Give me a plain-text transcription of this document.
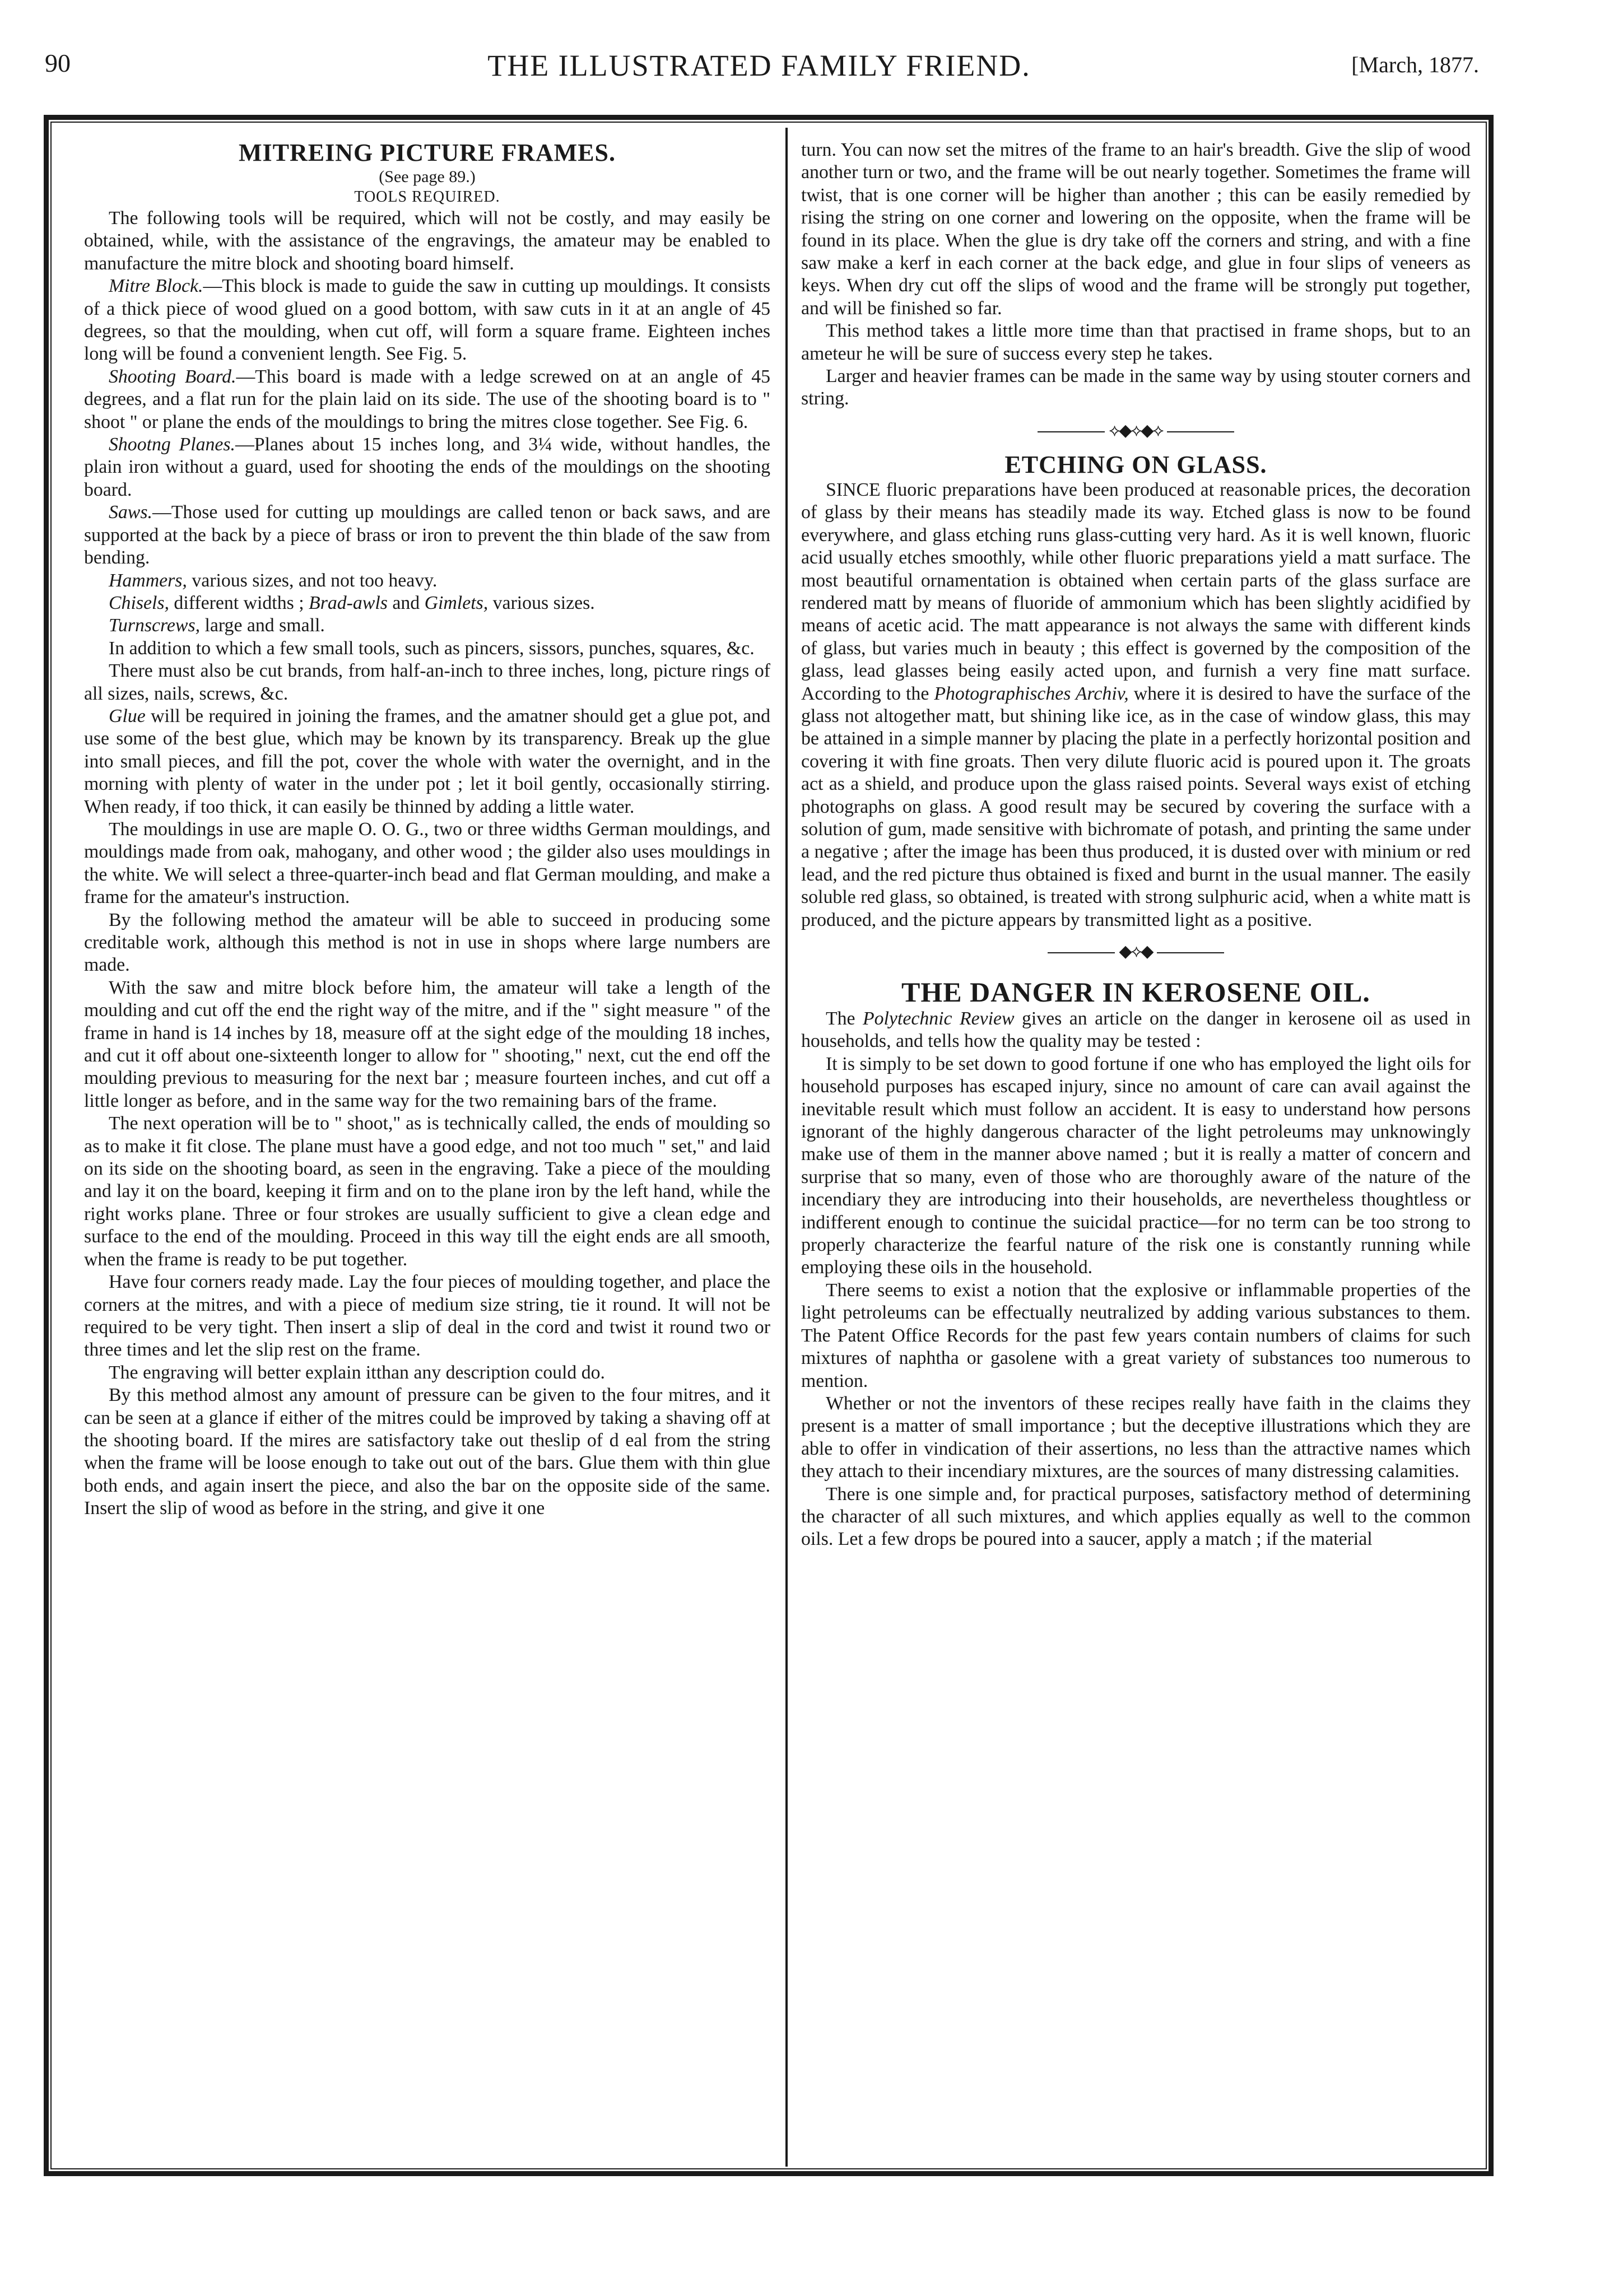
90	THE ILLUSTRATED FAMILY FRIEND.	[March, 1877.
MITREING PICTURE FRAMES.
(See page 89.)
TOOLS REQUIRED.

The following tools will be required, which will not be costly, and may easily be obtained, while, with the assistance of the engravings, the amateur may be enabled to manufacture the mitre block and shooting board himself.

Mitre Block.—This block is made to guide the saw in cutting up mouldings. It consists of a thick piece of wood glued on a good bottom, with saw cuts in it at an angle of 45 degrees, so that the moulding, when cut off, will form a square frame. Eighteen inches long will be found a convenient length. See Fig. 5.

Shooting Board.—This board is made with a ledge screwed on at an angle of 45 degrees, and a flat run for the plain laid on its side. The use of the shooting board is to " shoot " or plane the ends of the mouldings to bring the mitres close together. See Fig. 6.

Shootng Planes.—Planes about 15 inches long, and 3¼ wide, without handles, the plain iron without a guard, used for shooting the ends of the mouldings on the shooting board.

Saws.—Those used for cutting up mouldings are called tenon or back saws, and are supported at the back by a piece of brass or iron to prevent the thin blade of the saw from bending.

Hammers, various sizes, and not too heavy.

Chisels, different widths ; Brad-awls and Gimlets, various sizes.

Turnscrews, large and small.

In addition to which a few small tools, such as pincers, sissors, punches, squares, &c.

There must also be cut brands, from half-an-inch to three inches, long, picture rings of all sizes, nails, screws, &c.

Glue will be required in joining the frames, and the amatner should get a glue pot, and use some of the best glue, which may be known by its transparency. Break up the glue into small pieces, and fill the pot, cover the whole with water the overnight, and in the morning with plenty of water in the under pot ; let it boil gently, occasionally stirring. When ready, if too thick, it can easily be thinned by adding a little water.

The mouldings in use are maple O. O. G., two or three widths German mouldings, and mouldings made from oak, mahogany, and other wood ; the gilder also uses mouldings in the white. We will select a three-quarter-inch bead and flat German moulding, and make a frame for the amateur's instruction.

By the following method the amateur will be able to succeed in producing some creditable work, although this method is not in use in shops where large numbers are made.

With the saw and mitre block before him, the amateur will take a length of the moulding and cut off the end the right way of the mitre, and if the " sight measure " of the frame in hand is 14 inches by 18, measure off at the sight edge of the moulding 18 inches, and cut it off about one-sixteenth longer to allow for " shooting," next, cut the end off the moulding previous to measuring for the next bar ; measure fourteen inches, and cut off a little longer as before, and in the same way for the two remaining bars of the frame.

The next operation will be to " shoot," as is technically called, the ends of moulding so as to make it fit close. The plane must have a good edge, and not too much " set," and laid on its side on the shooting board, as seen in the engraving. Take a piece of the moulding and lay it on the board, keeping it firm and on to the plane iron by the left hand, while the right works plane. Three or four strokes are usually sufficient to give a clean edge and surface to the end of the moulding. Proceed in this way till the eight ends are all smooth, when the frame is ready to be put together.

Have four corners ready made. Lay the four pieces of moulding together, and place the corners at the mitres, and with a piece of medium size string, tie it round. It will not be required to be very tight. Then insert a slip of deal in the cord and twist it round two or three times and let the slip rest on the frame.

The engraving will better explain itthan any description could do.

By this method almost any amount of pressure can be given to the four mitres, and it can be seen at a glance if either of the mitres could be improved by taking a shaving off at the shooting board. If the mires are satisfactory take out theslip of d eal from the string when the frame will be loose enough to take out out of the bars. Glue them with thin glue both ends, and again insert the piece, and also the bar on the opposite side of the same. Insert the slip of wood as before in the string, and give it one

turn. You can now set the mitres of the frame to an hair's breadth. Give the slip of wood another turn or two, and the frame will be out nearly together. Sometimes the frame will twist, that is one corner will be higher than another ; this can be easily remedied by rising the string on one corner and lowering on the opposite, when the frame will be found in its place. When the glue is dry take off the corners and string, and with a fine saw make a kerf in each corner at the back edge, and glue in four slips of veneers as keys. When dry cut off the slips of wood and the frame will be strongly put together, and will be finished so far.

This method takes a little more time than that practised in frame shops, but to an ameteur he will be sure of success every step he takes.

Larger and heavier frames can be made in the same way by using stouter corners and string.

⟡◆⟡◆⟡
ETCHING ON GLASS.

SINCE fluoric preparations have been produced at reasonable prices, the decoration of glass by their means has steadily made its way. Etched glass is now to be found everywhere, and glass etching runs glass-cutting very hard. As it is well known, fluoric acid usually etches smoothly, while other fluoric preparations yield a matt surface. The most beautiful ornamentation is obtained when certain parts of the glass surface are rendered matt by means of fluoride of ammonium which has been slightly acidified by means of acetic acid. The matt appearance is not always the same with different kinds of glass, but varies much in beauty ; this effect is governed by the composition of the glass, lead glasses being easily acted upon, and furnish a very fine matt surface. According to the Photographisches Archiv, where it is desired to have the surface of the glass not altogether matt, but shining like ice, as in the case of window glass, this may be attained in a simple manner by placing the plate in a perfectly horizontal position and covering it with fine groats. Then very dilute fluoric acid is poured upon it. The groats act as a shield, and produce upon the glass raised points. Several ways exist of etching photographs on glass. A good result may be secured by covering the surface with a solution of gum, made sensitive with bichromate of potash, and printing the same under a negative ; after the image has been thus produced, it is dusted over with minium or red lead, and the red picture thus obtained is fixed and burnt in the usual manner. The easily soluble red glass, so obtained, is treated with strong sulphuric acid, when a white matt is produced, and the picture appears by transmitted light as a positive.

◆⟡◆
THE DANGER IN KEROSENE OIL.

The Polytechnic Review gives an article on the danger in kerosene oil as used in households, and tells how the quality may be tested :

It is simply to be set down to good fortune if one who has employed the light oils for household purposes has escaped injury, since no amount of care can avail against the inevitable result which must follow an accident. It is easy to understand how persons ignorant of the highly dangerous character of the light petroleums may unknowingly make use of them in the manner above named ; but it is really a matter of concern and surprise that so many, even of those who are thoroughly aware of the nature of the incendiary they are introducing into their households, are nevertheless thoughtless or indifferent enough to continue the suicidal practice—for no term can be too strong to properly characterize the fearful nature of the risk one is constantly running while employing these oils in the household.

There seems to exist a notion that the explosive or inflammable properties of the light petroleums can be effectually neutralized by adding various substances to them. The Patent Office Records for the past few years contain numbers of claims for such mixtures of naphtha or gasolene with a great variety of substances too numerous to mention.

Whether or not the inventors of these recipes really have faith in the claims they present is a matter of small importance ; but the deceptive illustrations which they are able to offer in vindication of their assertions, no less than the attractive names which they attach to their incendiary mixtures, are the sources of many distressing calamities.

There is one simple and, for practical purposes, satisfactory method of determining the character of all such mixtures, and which applies equally as well to the common oils. Let a few drops be poured into a saucer, apply a match ; if the material
